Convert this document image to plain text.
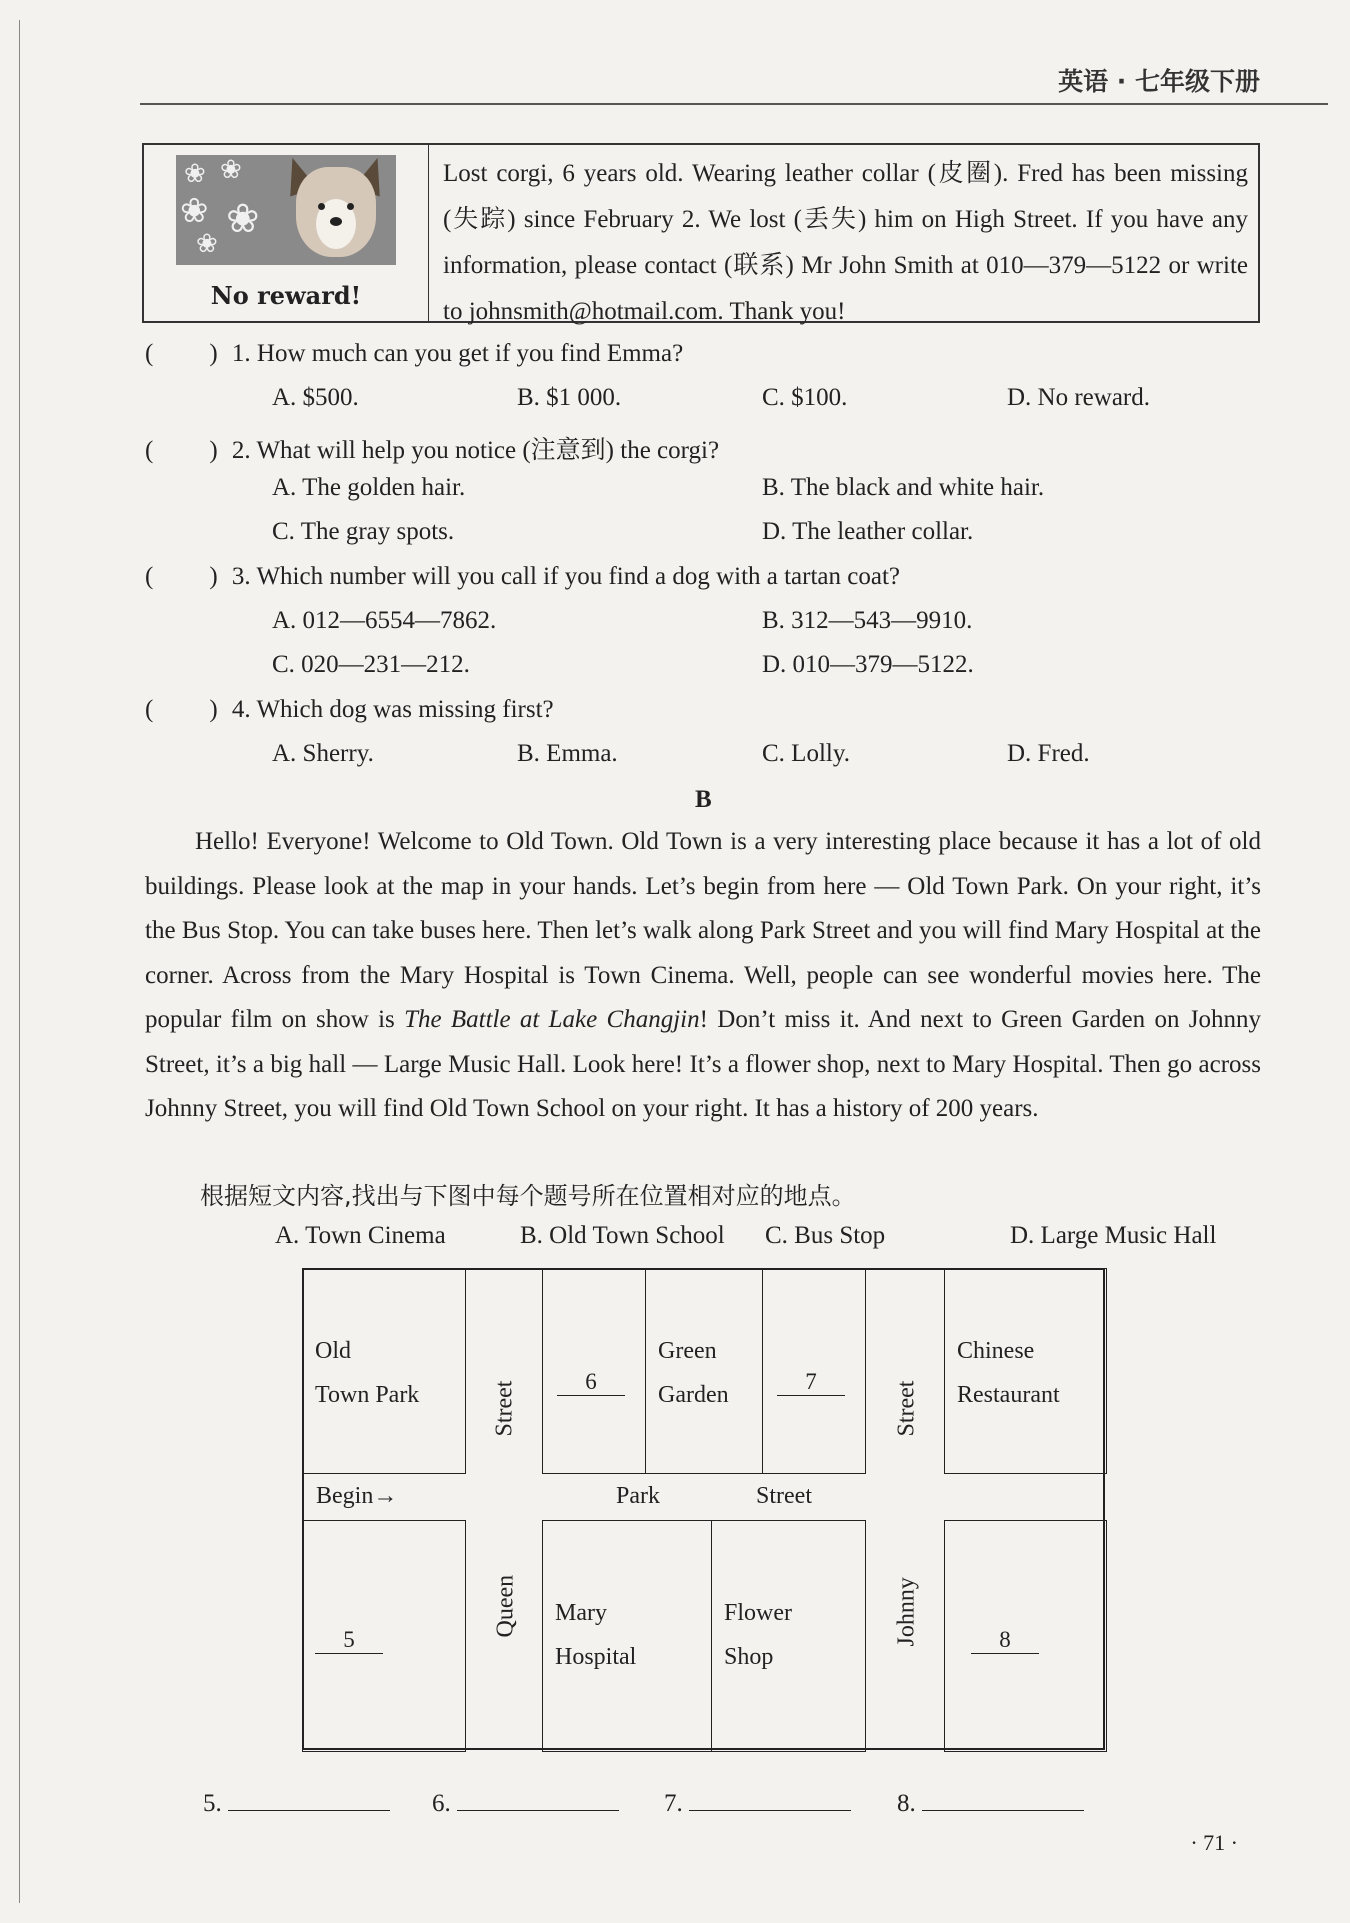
英语 · 七年级下册
❀ ❀
❀ ❀
❀
No reward!
Lost corgi, 6 years old. Wearing leather collar (皮圈). Fred has been missing (失踪) since February 2. We lost (丢失) him on High Street. If you have any information, please contact (联系) Mr John Smith at 010—379—5122 or write to johnsmith@hotmail.com. Thank you!
( ) 1. How much can you get if you find Emma?
A. $500.	B. $1 000.	C. $100.	D. No reward.
( ) 2. What will help you notice (注意到) the corgi?
A. The golden hair.	B. The black and white hair.
C. The gray spots.	D. The leather collar.
( ) 3. Which number will you call if you find a dog with a tartan coat?
A. 012—6554—7862.	B. 312—543—9910.
C. 020—231—212.	D. 010—379—5122.
( ) 4. Which dog was missing first?
A. Sherry.	B. Emma.	C. Lolly.	D. Fred.
B

Hello! Everyone! Welcome to Old Town. Old Town is a very interesting place because it has a lot of old buildings. Please look at the map in your hands. Let’s begin from here — Old Town Park. On your right, it’s the Bus Stop. You can take buses here. Then let’s walk along Park Street and you will find Mary Hospital at the corner. Across from the Mary Hospital is Town Cinema. Well, people can see wonderful movies here. The popular film on show is The Battle at Lake Changjin! Don’t miss it. And next to Green Garden on Johnny Street, it’s a big hall — Large Music Hall. Look here! It’s a flower shop, next to Mary Hospital. Then go across Johnny Street, you will find Old Town School on your right. It has a history of 200 years.

根据短文内容,找出与下图中每个题号所在位置相对应的地点。
A. Town Cinema	B. Old Town School C. Bus Stop	D. Large Music Hall
Old
Town Park
6
Green
Garden
7
Chinese
Restaurant
Street	Street
Begin→	Park	Street
5
Mary
Hospital
Flower
Shop
8
Queen	Johnny
5.	6.	7.	8.
· 71 ·
